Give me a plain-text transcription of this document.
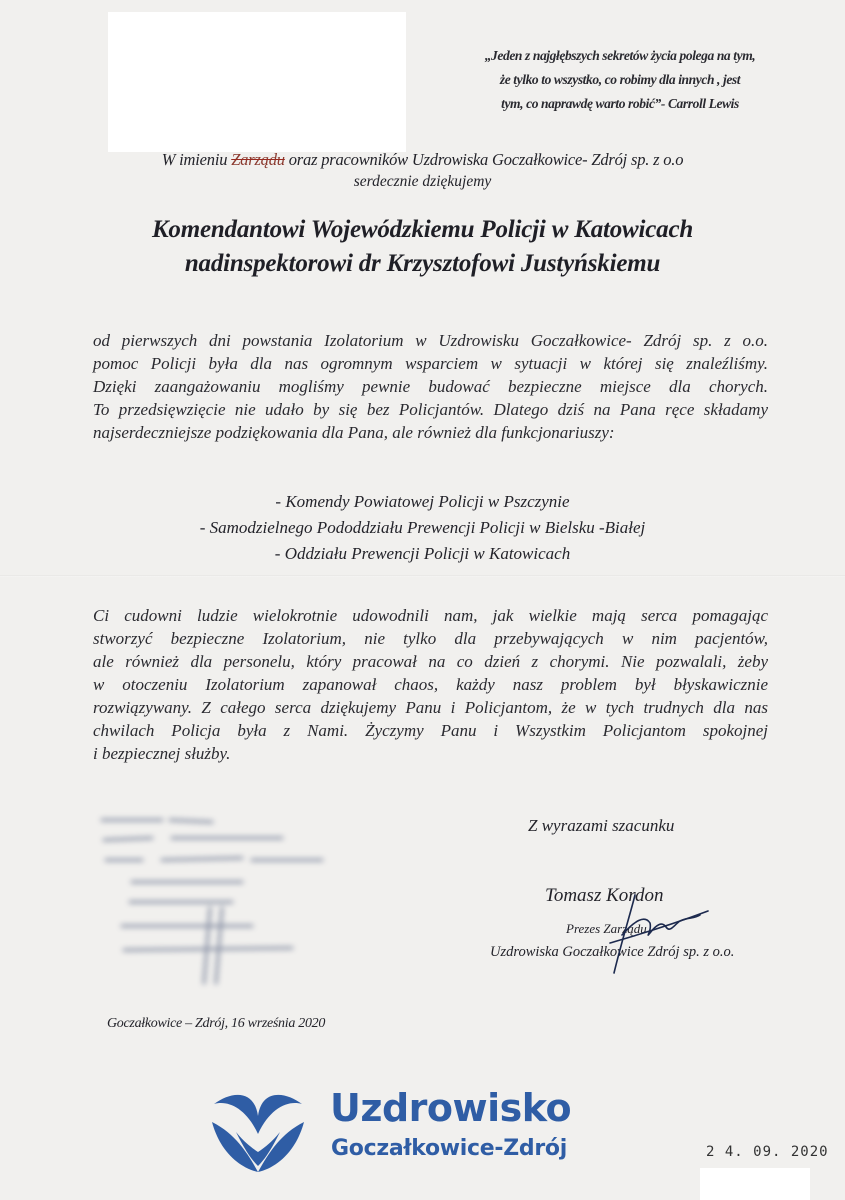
„Jeden z najgłębszych sekretów życia polega na tym,
że tylko to wszystko, co robimy dla innych , jest
tym, co naprawdę warto robić”- Carroll Lewis
W imieniu Zarządu oraz pracowników Uzdrowiska Goczałkowice- Zdrój sp. z o.o
serdecznie dziękujemy
Komendantowi Wojewódzkiemu Policji w Katowicach
nadinspektorowi dr Krzysztofowi Justyńskiemu
od pierwszych dni powstania Izolatorium w Uzdrowisku Goczałkowice- Zdrój sp. z o.o.
pomoc Policji była dla nas ogromnym wsparciem w sytuacji w której się znaleźliśmy.
Dzięki zaangażowaniu mogliśmy pewnie budować bezpieczne miejsce dla chorych.
To przedsięwzięcie nie udało by się bez Policjantów. Dlatego dziś na Pana ręce składamy
najserdeczniejsze podziękowania dla Pana, ale również dla funkcjonariuszy:
- Komendy Powiatowej Policji w Pszczynie
- Samodzielnego Pododdziału Prewencji Policji w Bielsku -Białej
- Oddziału Prewencji Policji w Katowicach
Ci cudowni ludzie wielokrotnie udowodnili nam, jak wielkie mają serca pomagając
stworzyć bezpieczne Izolatorium, nie tylko dla przebywających w nim pacjentów,
ale również dla personelu, który pracował na co dzień z chorymi. Nie pozwalali, żeby
w otoczeniu Izolatorium zapanował chaos, każdy nasz problem był błyskawicznie
rozwiązywany. Z całego serca dziękujemy Panu i Policjantom, że w tych trudnych dla nas
chwilach Policja była z Nami. Życzymy Panu i Wszystkim Policjantom spokojnej
i bezpiecznej służby.
Z wyrazami szacunku
Tomasz Kordon
Prezes Zarządu
Uzdrowiska Goczałkowice Zdrój sp. z o.o.
Goczałkowice – Zdrój, 16 września 2020
Uzdrowisko
Goczałkowice-Zdrój	2 4. 09. 2020
